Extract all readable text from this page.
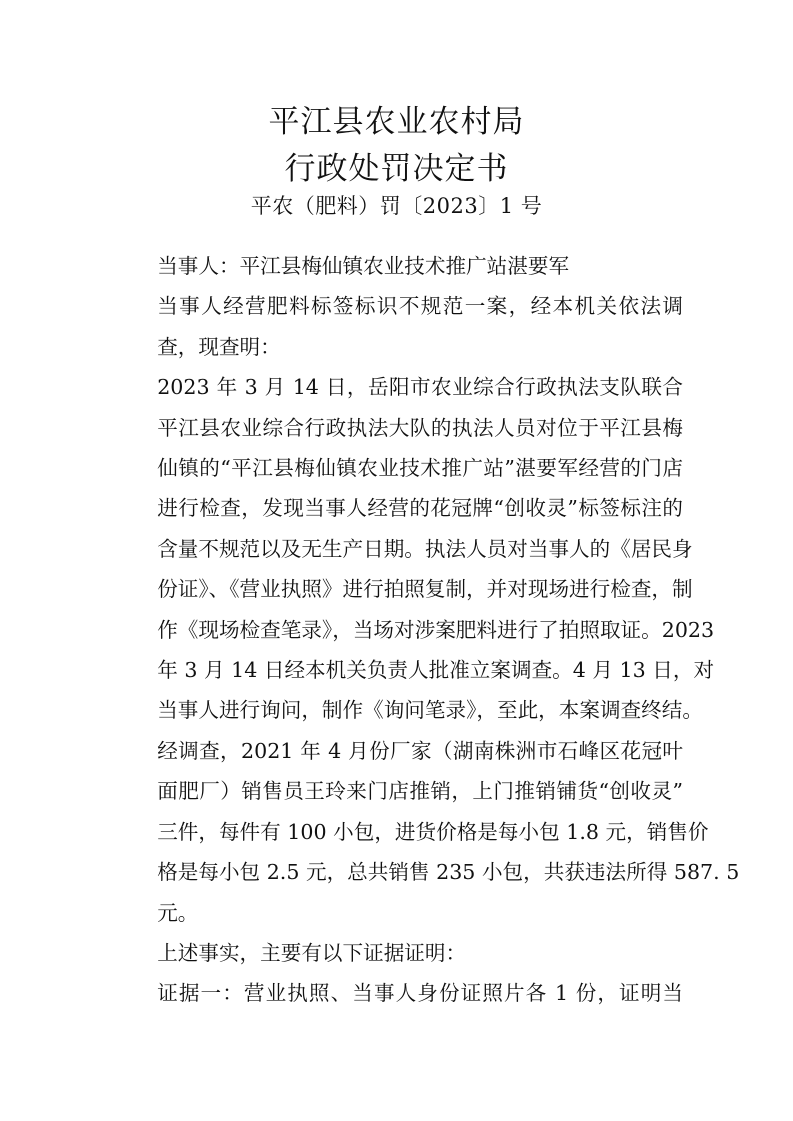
平江县农业农村局
行政处罚决定书
平农（肥料）罚〔2023〕1 号

当事人：平江县梅仙镇农业技术推广站湛要军

当事人经营肥料标签标识不规范一案，经本机关依法调
查，现查明：

2023 年 3 月 14 日，岳阳市农业综合行政执法支队联合
平江县农业综合行政执法大队的执法人员对位于平江县梅
仙镇的“平江县梅仙镇农业技术推广站”湛要军经营的门店
进行检查，发现当事人经营的花冠牌“创收灵”标签标注的
含量不规范以及无生产日期。执法人员对当事人的《居民身
份证》、《营业执照》进行拍照复制，并对现场进行检查，制
作《现场检查笔录》，当场对涉案肥料进行了拍照取证。2023
年 3 月 14 日经本机关负责人批准立案调查。4 月 13 日，对
当事人进行询问，制作《询问笔录》，至此，本案调查终结。

经调查，2021 年 4 月份厂家（湖南株洲市石峰区花冠叶
面肥厂）销售员王玲来门店推销，上门推销铺货“创收灵”
三件，每件有 100 小包，进货价格是每小包 1.8 元，销售价
格是每小包 2.5 元，总共销售 235 小包，共获违法所得 587. 5
元。

上述事实，主要有以下证据证明：

证据一：营业执照、当事人身份证照片各 1 份，证明当
